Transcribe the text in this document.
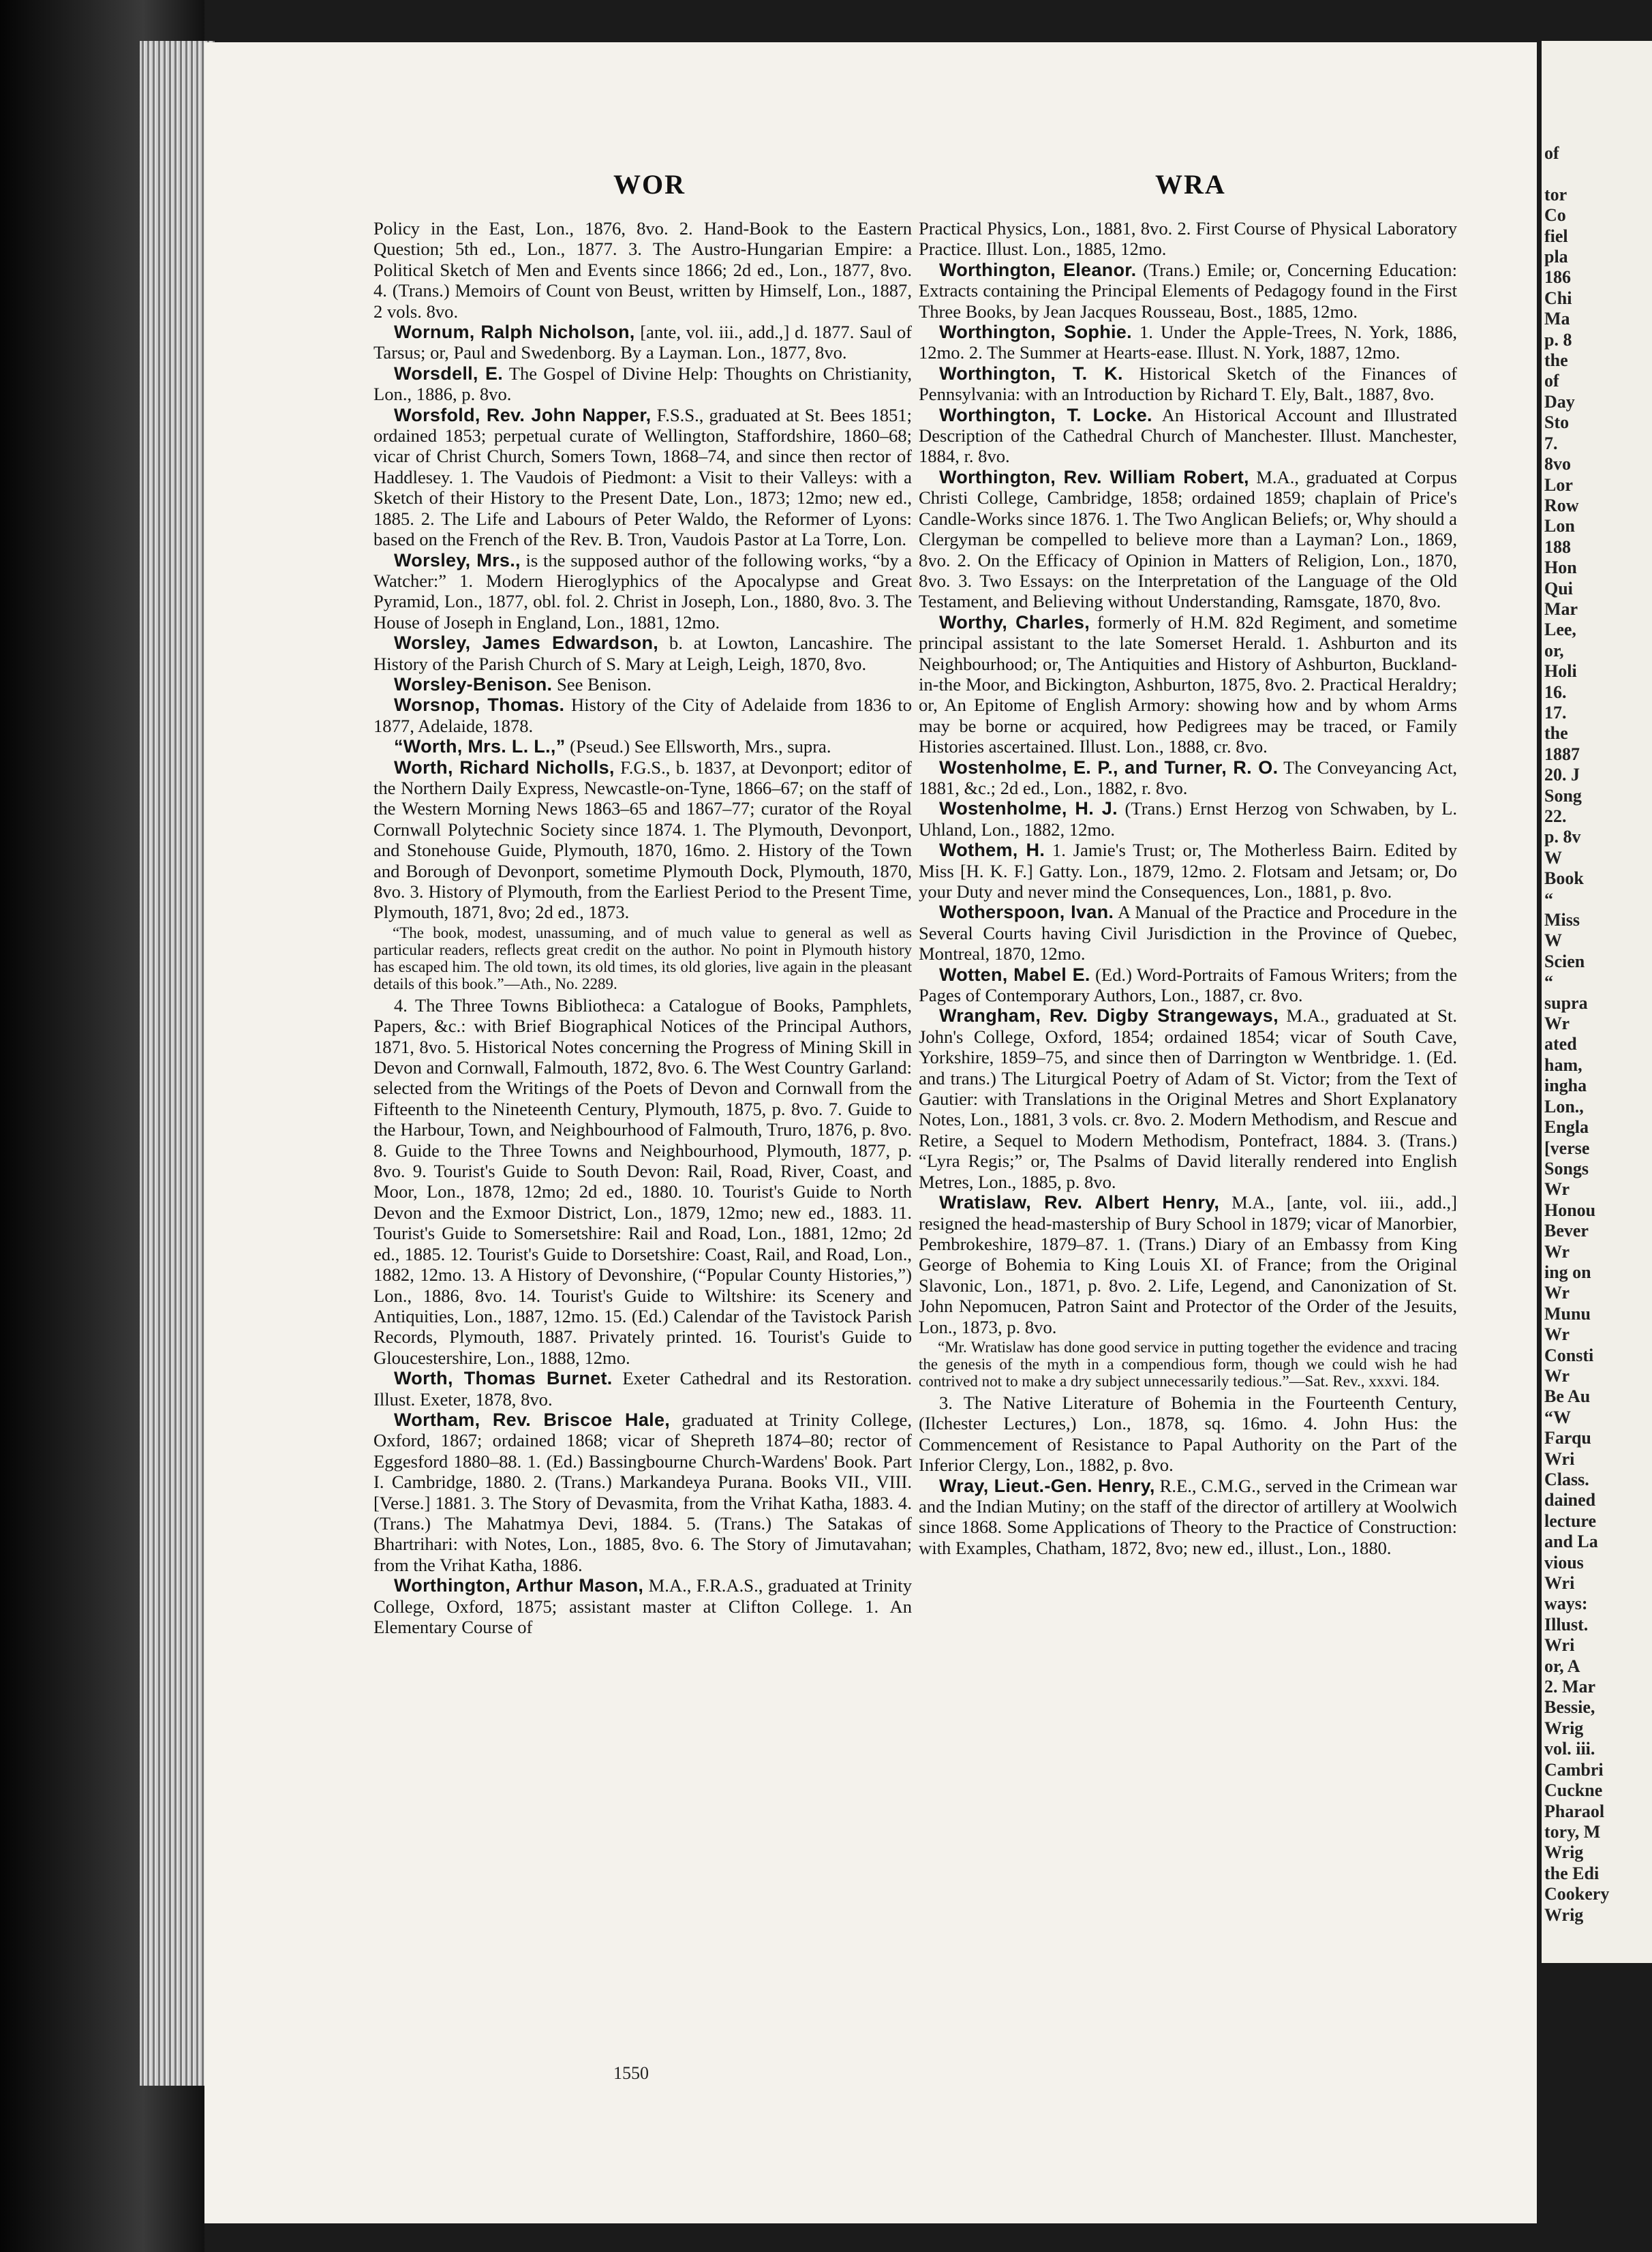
WOR	WRA

Policy in the East, Lon., 1876, 8vo. 2. Hand-Book to the Eastern Question; 5th ed., Lon., 1877. 3. The Austro-Hungarian Empire: a Political Sketch of Men and Events since 1866; 2d ed., Lon., 1877, 8vo. 4. (Trans.) Memoirs of Count von Beust, written by Himself, Lon., 1887, 2 vols. 8vo.

Wornum, Ralph Nicholson, [ante, vol. iii., add.,] d. 1877. Saul of Tarsus; or, Paul and Swedenborg. By a Layman. Lon., 1877, 8vo.

Worsdell, E. The Gospel of Divine Help: Thoughts on Christianity, Lon., 1886, p. 8vo.

Worsfold, Rev. John Napper, F.S.S., graduated at St. Bees 1851; ordained 1853; perpetual curate of Wellington, Staffordshire, 1860–68; vicar of Christ Church, Somers Town, 1868–74, and since then rector of Haddlesey. 1. The Vaudois of Piedmont: a Visit to their Valleys: with a Sketch of their History to the Present Date, Lon., 1873; 12mo; new ed., 1885. 2. The Life and Labours of Peter Waldo, the Reformer of Lyons: based on the French of the Rev. B. Tron, Vaudois Pastor at La Torre, Lon.

Worsley, Mrs., is the supposed author of the following works, “by a Watcher:” 1. Modern Hieroglyphics of the Apocalypse and Great Pyramid, Lon., 1877, obl. fol. 2. Christ in Joseph, Lon., 1880, 8vo. 3. The House of Joseph in England, Lon., 1881, 12mo.

Worsley, James Edwardson, b. at Lowton, Lancashire. The History of the Parish Church of S. Mary at Leigh, Leigh, 1870, 8vo.

Worsley-Benison. See Benison.

Worsnop, Thomas. History of the City of Adelaide from 1836 to 1877, Adelaide, 1878.

“Worth, Mrs. L. L.,” (Pseud.) See Ellsworth, Mrs., supra.

Worth, Richard Nicholls, F.G.S., b. 1837, at Devonport; editor of the Northern Daily Express, Newcastle-on-Tyne, 1866–67; on the staff of the Western Morning News 1863–65 and 1867–77; curator of the Royal Cornwall Polytechnic Society since 1874. 1. The Plymouth, Devonport, and Stonehouse Guide, Plymouth, 1870, 16mo. 2. History of the Town and Borough of Devonport, sometime Plymouth Dock, Plymouth, 1870, 8vo. 3. History of Plymouth, from the Earliest Period to the Present Time, Plymouth, 1871, 8vo; 2d ed., 1873.

“The book, modest, unassuming, and of much value to general as well as particular readers, reflects great credit on the author. No point in Plymouth history has escaped him. The old town, its old times, its old glories, live again in the pleasant details of this book.”—Ath., No. 2289.

4. The Three Towns Bibliotheca: a Catalogue of Books, Pamphlets, Papers, &c.: with Brief Biographical Notices of the Principal Authors, 1871, 8vo. 5. Historical Notes concerning the Progress of Mining Skill in Devon and Cornwall, Falmouth, 1872, 8vo. 6. The West Country Garland: selected from the Writings of the Poets of Devon and Cornwall from the Fifteenth to the Nineteenth Century, Plymouth, 1875, p. 8vo. 7. Guide to the Harbour, Town, and Neighbourhood of Falmouth, Truro, 1876, p. 8vo. 8. Guide to the Three Towns and Neighbourhood, Plymouth, 1877, p. 8vo. 9. Tourist's Guide to South Devon: Rail, Road, River, Coast, and Moor, Lon., 1878, 12mo; 2d ed., 1880. 10. Tourist's Guide to North Devon and the Exmoor District, Lon., 1879, 12mo; new ed., 1883. 11. Tourist's Guide to Somersetshire: Rail and Road, Lon., 1881, 12mo; 2d ed., 1885. 12. Tourist's Guide to Dorsetshire: Coast, Rail, and Road, Lon., 1882, 12mo. 13. A History of Devonshire, (“Popular County Histories,”) Lon., 1886, 8vo. 14. Tourist's Guide to Wiltshire: its Scenery and Antiquities, Lon., 1887, 12mo. 15. (Ed.) Calendar of the Tavistock Parish Records, Plymouth, 1887. Privately printed. 16. Tourist's Guide to Gloucestershire, Lon., 1888, 12mo.

Worth, Thomas Burnet. Exeter Cathedral and its Restoration. Illust. Exeter, 1878, 8vo.

Wortham, Rev. Briscoe Hale, graduated at Trinity College, Oxford, 1867; ordained 1868; vicar of Shepreth 1874–80; rector of Eggesford 1880–88. 1. (Ed.) Bassingbourne Church-Wardens' Book. Part I. Cambridge, 1880. 2. (Trans.) Markandeya Purana. Books VII., VIII. [Verse.] 1881. 3. The Story of Devasmita, from the Vrihat Katha, 1883. 4. (Trans.) The Mahatmya Devi, 1884. 5. (Trans.) The Satakas of Bhartrihari: with Notes, Lon., 1885, 8vo. 6. The Story of Jimutavahan; from the Vrihat Katha, 1886.

Worthington, Arthur Mason, M.A., F.R.A.S., graduated at Trinity College, Oxford, 1875; assistant master at Clifton College. 1. An Elementary Course of

Practical Physics, Lon., 1881, 8vo. 2. First Course of Physical Laboratory Practice. Illust. Lon., 1885, 12mo.

Worthington, Eleanor. (Trans.) Emile; or, Concerning Education: Extracts containing the Principal Elements of Pedagogy found in the First Three Books, by Jean Jacques Rousseau, Bost., 1885, 12mo.

Worthington, Sophie. 1. Under the Apple-Trees, N. York, 1886, 12mo. 2. The Summer at Hearts-ease. Illust. N. York, 1887, 12mo.

Worthington, T. K. Historical Sketch of the Finances of Pennsylvania: with an Introduction by Richard T. Ely, Balt., 1887, 8vo.

Worthington, T. Locke. An Historical Account and Illustrated Description of the Cathedral Church of Manchester. Illust. Manchester, 1884, r. 8vo.

Worthington, Rev. William Robert, M.A., graduated at Corpus Christi College, Cambridge, 1858; ordained 1859; chaplain of Price's Candle-Works since 1876. 1. The Two Anglican Beliefs; or, Why should a Clergyman be compelled to believe more than a Layman? Lon., 1869, 8vo. 2. On the Efficacy of Opinion in Matters of Religion, Lon., 1870, 8vo. 3. Two Essays: on the Interpretation of the Language of the Old Testament, and Believing without Understanding, Ramsgate, 1870, 8vo.

Worthy, Charles, formerly of H.M. 82d Regiment, and sometime principal assistant to the late Somerset Herald. 1. Ashburton and its Neighbourhood; or, The Antiquities and History of Ashburton, Buckland-in-the Moor, and Bickington, Ashburton, 1875, 8vo. 2. Practical Heraldry; or, An Epitome of English Armory: showing how and by whom Arms may be borne or acquired, how Pedigrees may be traced, or Family Histories ascertained. Illust. Lon., 1888, cr. 8vo.

Wostenholme, E. P., and Turner, R. O. The Conveyancing Act, 1881, &c.; 2d ed., Lon., 1882, r. 8vo.

Wostenholme, H. J. (Trans.) Ernst Herzog von Schwaben, by L. Uhland, Lon., 1882, 12mo.

Wothem, H. 1. Jamie's Trust; or, The Motherless Bairn. Edited by Miss [H. K. F.] Gatty. Lon., 1879, 12mo. 2. Flotsam and Jetsam; or, Do your Duty and never mind the Consequences, Lon., 1881, p. 8vo.

Wotherspoon, Ivan. A Manual of the Practice and Procedure in the Several Courts having Civil Jurisdiction in the Province of Quebec, Montreal, 1870, 12mo.

Wotten, Mabel E. (Ed.) Word-Portraits of Famous Writers; from the Pages of Contemporary Authors, Lon., 1887, cr. 8vo.

Wrangham, Rev. Digby Strangeways, M.A., graduated at St. John's College, Oxford, 1854; ordained 1854; vicar of South Cave, Yorkshire, 1859–75, and since then of Darrington w Wentbridge. 1. (Ed. and trans.) The Liturgical Poetry of Adam of St. Victor; from the Text of Gautier: with Translations in the Original Metres and Short Explanatory Notes, Lon., 1881, 3 vols. cr. 8vo. 2. Modern Methodism, and Rescue and Retire, a Sequel to Modern Methodism, Pontefract, 1884. 3. (Trans.) “Lyra Regis;” or, The Psalms of David literally rendered into English Metres, Lon., 1885, p. 8vo.

Wratislaw, Rev. Albert Henry, M.A., [ante, vol. iii., add.,] resigned the head-mastership of Bury School in 1879; vicar of Manorbier, Pembrokeshire, 1879–87. 1. (Trans.) Diary of an Embassy from King George of Bohemia to King Louis XI. of France; from the Original Slavonic, Lon., 1871, p. 8vo. 2. Life, Legend, and Canonization of St. John Nepomucen, Patron Saint and Protector of the Order of the Jesuits, Lon., 1873, p. 8vo.

“Mr. Wratislaw has done good service in putting together the evidence and tracing the genesis of the myth in a compendious form, though we could wish he had contrived not to make a dry subject unnecessarily tedious.”—Sat. Rev., xxxvi. 184.

3. The Native Literature of Bohemia in the Fourteenth Century, (Ilchester Lectures,) Lon., 1878, sq. 16mo. 4. John Hus: the Commencement of Resistance to Papal Authority on the Part of the Inferior Clergy, Lon., 1882, p. 8vo.

Wray, Lieut.-Gen. Henry, R.E., C.M.G., served in the Crimean war and the Indian Mutiny; on the staff of the director of artillery at Woolwich since 1868. Some Applications of Theory to the Practice of Construction: with Examples, Chatham, 1872, 8vo; new ed., illust., Lon., 1880.

1550
of

tor
Co
fiel
pla
186
Chi
Ma
p. 8
the
of
Day
Sto
7.
8vo
Lor
Row
Lon
188
Hon
Qui
Mar
Lee,
or,
Holi
16.
17.
the
1887
20. J
Song
22.
p. 8v
W
Book
“
Miss
W
Scien
“
supra
Wr
ated
ham,
ingha
Lon.,
Engla
[verse
Songs
Wr
Honou
Bever
Wr
ing on
Wr
Munu
Wr
Consti
Wr
Be Au
“W
Farqu
Wri
Class.
dained
lecture
and La
vious
Wri
ways:
Illust.
Wri
or, A
2. Mar
Bessie,
Wrig
vol. iii.
Cambri
Cuckne
Pharaol
tory, M
Wrig
the Edi
Cookery
Wrig
